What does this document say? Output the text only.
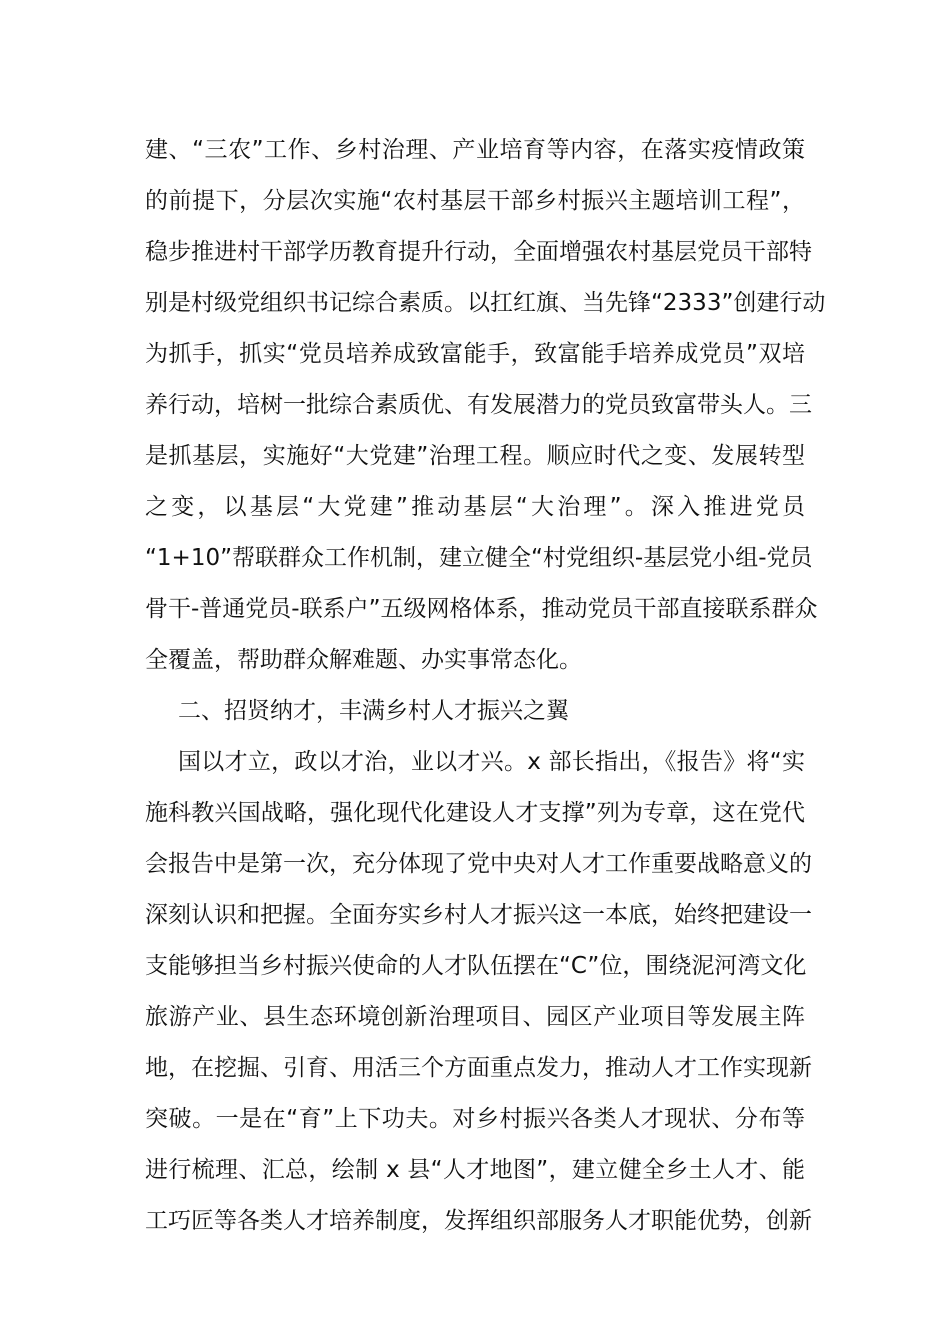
建、“三农”工作、乡村治理、产业培育等内容，在落实疫情政策
的前提下，分层次实施“农村基层干部乡村振兴主题培训工程”，
稳步推进村干部学历教育提升行动，全面增强农村基层党员干部特
别是村级党组织书记综合素质。以扛红旗、当先锋“2333”创建行动
为抓手，抓实“党员培养成致富能手，致富能手培养成党员”双培
养行动，培树一批综合素质优、有发展潜力的党员致富带头人。三
是抓基层，实施好“大党建”治理工程。顺应时代之变、发展转型
之变，以基层“大党建”推动基层“大治理”。深入推进党员
“1+10”帮联群众工作机制，建立健全“村党组织-基层党小组-党员
骨干-普通党员-联系户”五级网格体系，推动党员干部直接联系群众
全覆盖，帮助群众解难题、办实事常态化。
二、招贤纳才，丰满乡村人才振兴之翼
国以才立，政以才治，业以才兴。x 部长指出，《报告》将“实
施科教兴国战略，强化现代化建设人才支撑”列为专章，这在党代
会报告中是第一次，充分体现了党中央对人才工作重要战略意义的
深刻认识和把握。全面夯实乡村人才振兴这一本底，始终把建设一
支能够担当乡村振兴使命的人才队伍摆在“C”位，围绕泥河湾文化
旅游产业、县生态环境创新治理项目、园区产业项目等发展主阵
地，在挖掘、引育、用活三个方面重点发力，推动人才工作实现新
突破。一是在“育”上下功夫。对乡村振兴各类人才现状、分布等
进行梳理、汇总，绘制 x 县“人才地图”，建立健全乡土人才、能
工巧匠等各类人才培养制度，发挥组织部服务人才职能优势，创新
